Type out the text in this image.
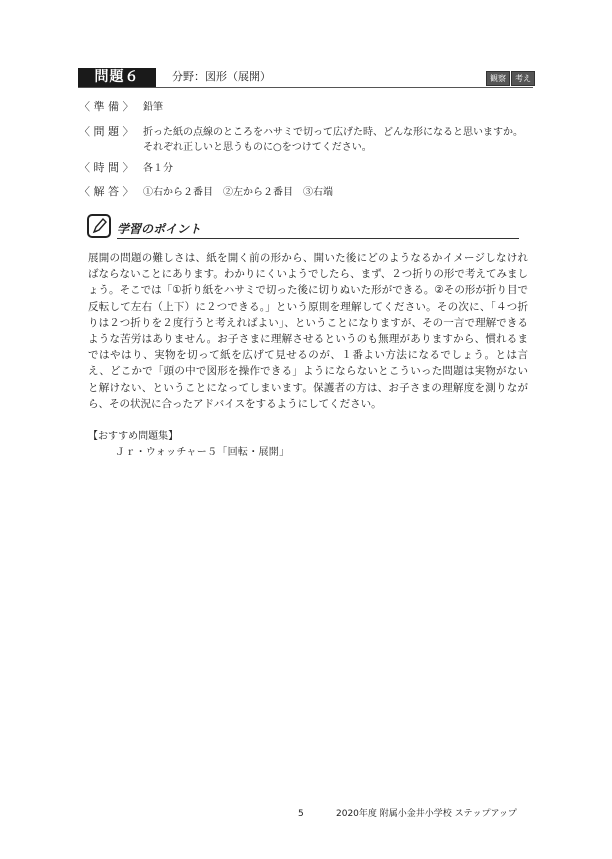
問題６	分野：図形（展開）	観察	考え
〈 準 備 〉 鉛筆
〈 問 題 〉 折った紙の点線のところをハサミで切って広げた時、どんな形になると思いますか。それぞれ正しいと思うものに○をつけてください。
〈 時 間 〉 各１分
〈 解 答 〉 ①右から２番目　②左から２番目　③右端
学習のポイント
展開の問題の難しさは、紙を開く前の形から、開いた後にどのようなるかイメージしなければならないことにあります。わかりにくいようでしたら、まず、２つ折りの形で考えてみましょう。そこでは「①折り紙をハサミで切った後に切りぬいた形ができる。②その形が折り目で反転して左右（上下）に２つできる。」という原則を理解してください。その次に、「４つ折りは２つ折りを２度行うと考えればよい」、ということになりますが、その一言で理解できるような苦労はありません。お子さまに理解させるというのも無理がありますから、慣れるまではやはり、実物を切って紙を広げて見せるのが、１番よい方法になるでしょう。とは言え、どこかで「頭の中で図形を操作できる」ようにならないとこういった問題は実物がないと解けない、ということになってしまいます。保護者の方は、お子さまの理解度を測りながら、その状況に合ったアドバイスをするようにしてください。
【おすすめ問題集】
Ｊｒ・ウォッチャー５「回転・展開」
5	2020年度 附属小金井小学校 ステップアップ
